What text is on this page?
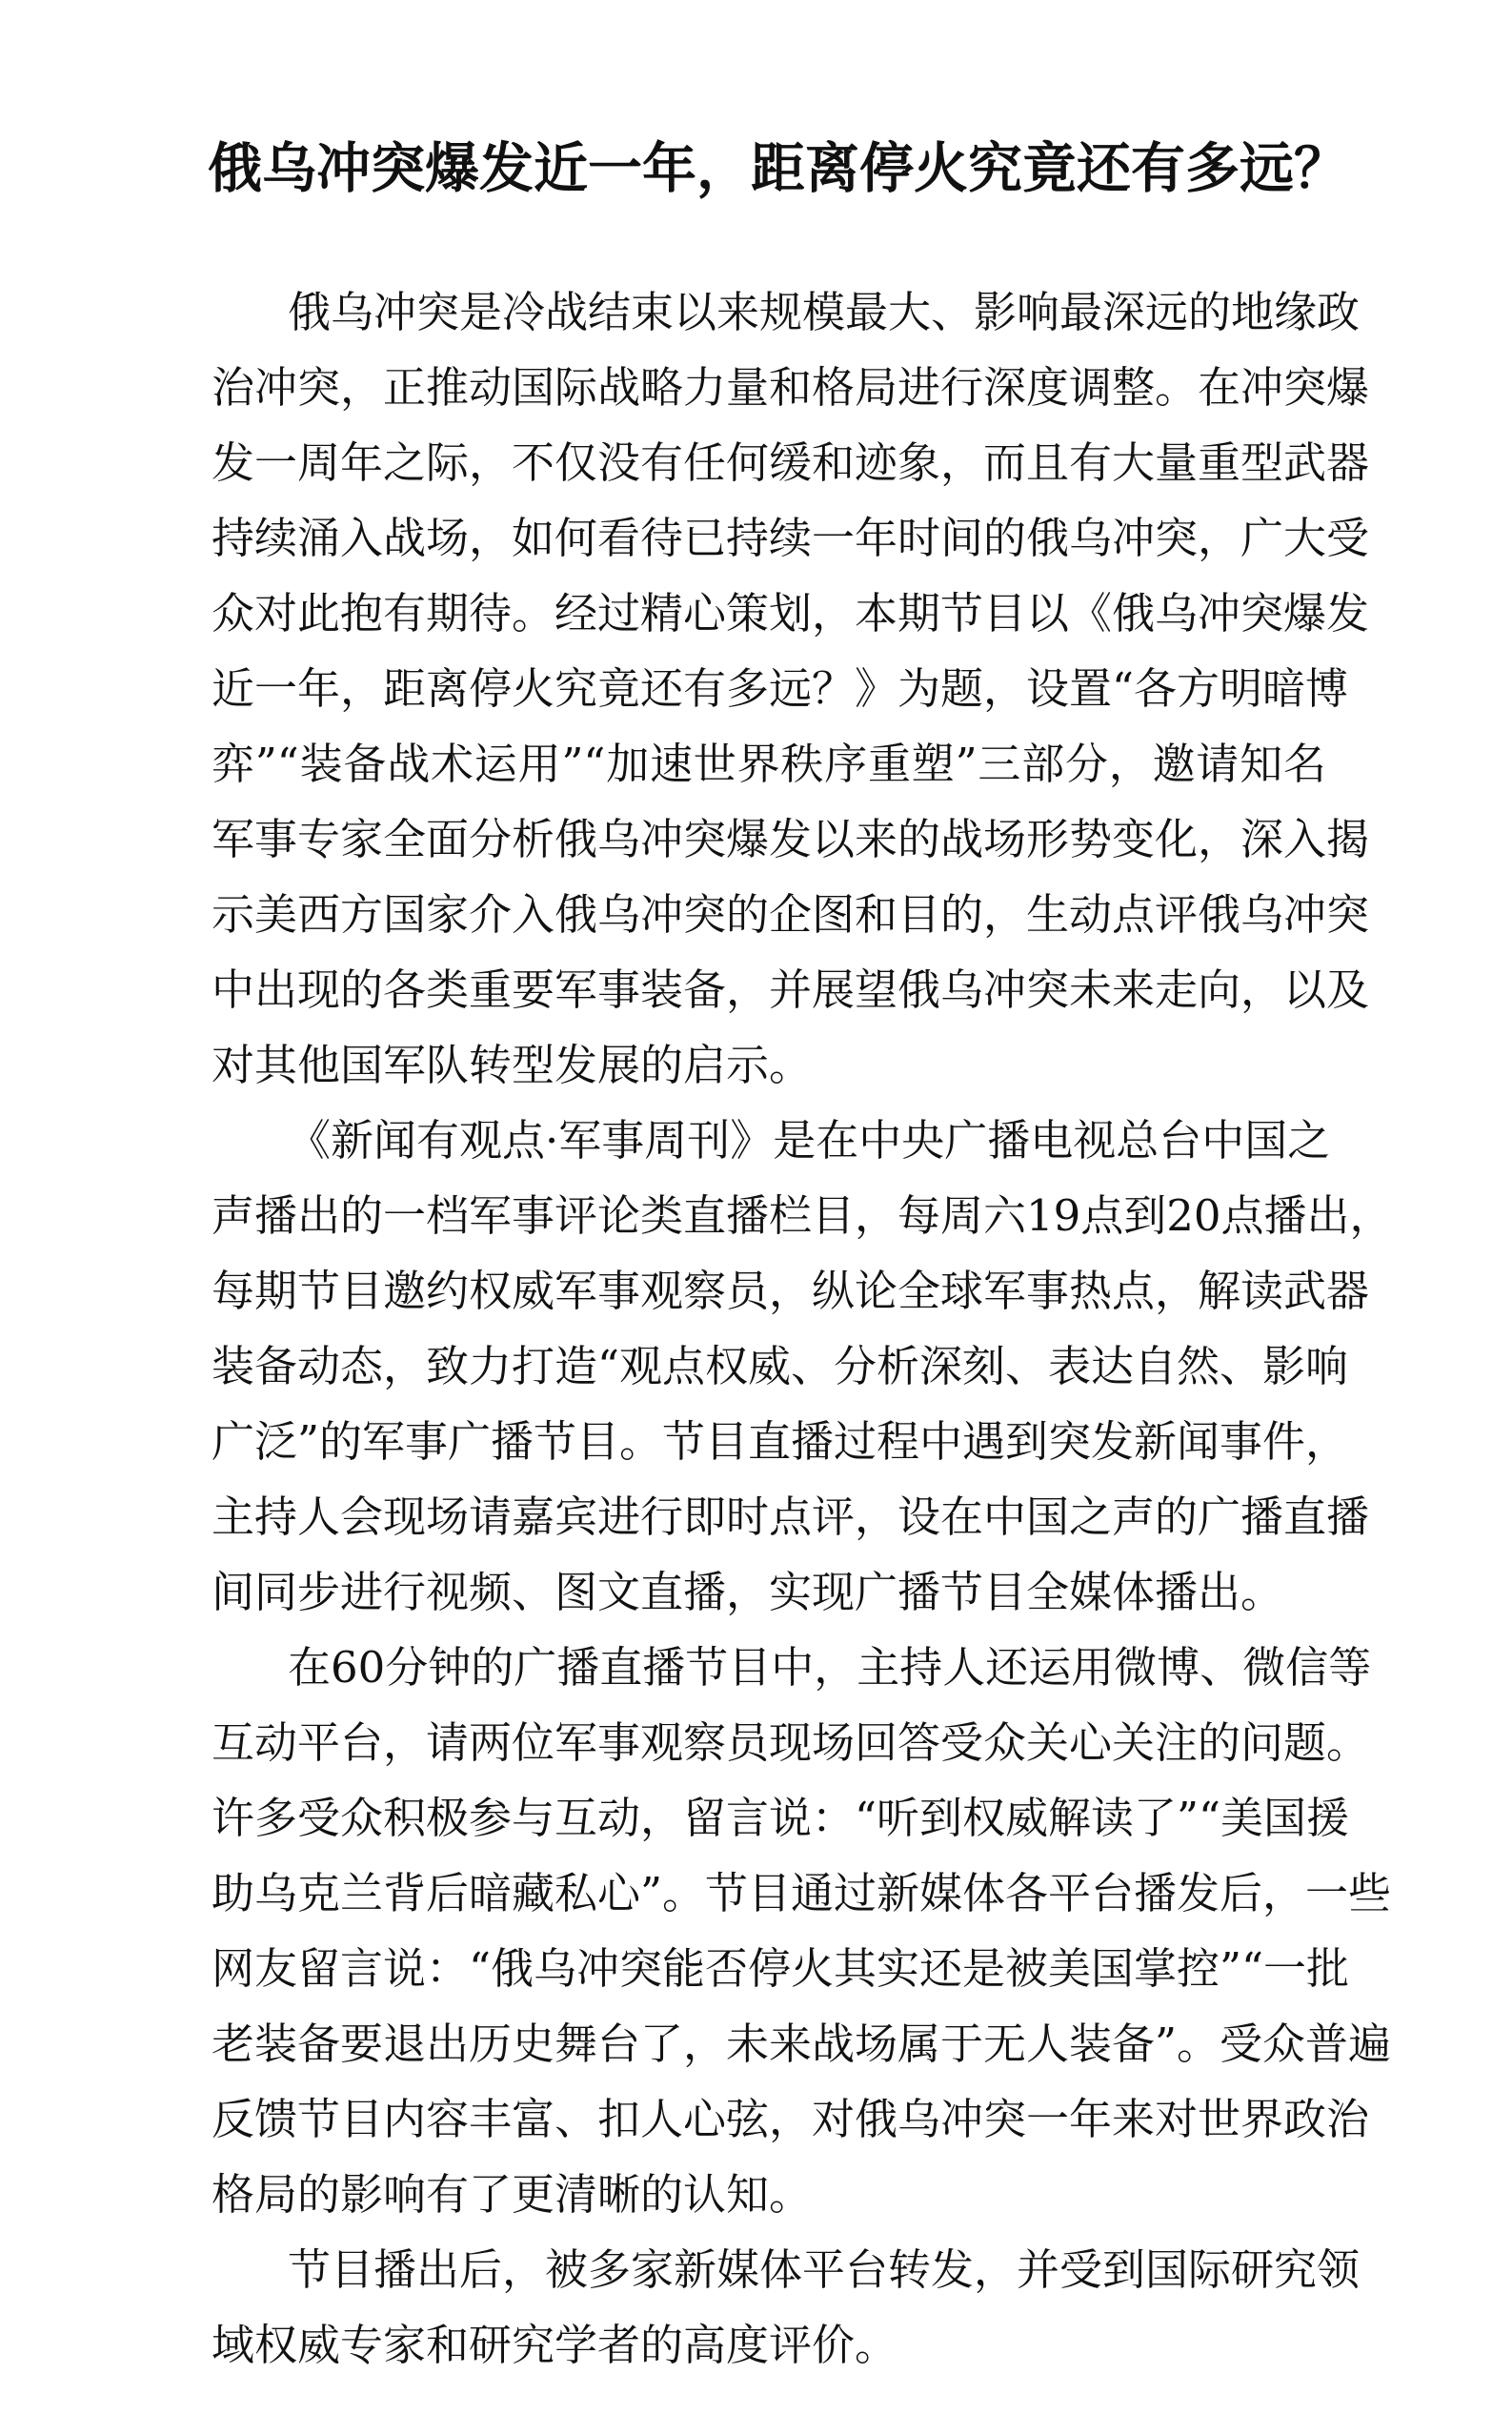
俄乌冲突爆发近一年，距离停火究竟还有多远？
俄乌冲突是冷战结束以来规模最大、影响最深远的地缘政
治冲突，正推动国际战略力量和格局进行深度调整。在冲突爆
发一周年之际，不仅没有任何缓和迹象，而且有大量重型武器
持续涌入战场，如何看待已持续一年时间的俄乌冲突，广大受
众对此抱有期待。经过精心策划，本期节目以《俄乌冲突爆发
近一年，距离停火究竟还有多远？》为题，设置“各方明暗博
弈”“装备战术运用”“加速世界秩序重塑”三部分，邀请知名
军事专家全面分析俄乌冲突爆发以来的战场形势变化，深入揭
示美西方国家介入俄乌冲突的企图和目的，生动点评俄乌冲突
中出现的各类重要军事装备，并展望俄乌冲突未来走向，以及
对其他国军队转型发展的启示。
《新闻有观点·军事周刊》是在中央广播电视总台中国之
声播出的一档军事评论类直播栏目，每周六19点到20点播出，
每期节目邀约权威军事观察员，纵论全球军事热点，解读武器
装备动态，致力打造“观点权威、分析深刻、表达自然、影响
广泛”的军事广播节目。节目直播过程中遇到突发新闻事件，
主持人会现场请嘉宾进行即时点评，设在中国之声的广播直播
间同步进行视频、图文直播，实现广播节目全媒体播出。
在60分钟的广播直播节目中，主持人还运用微博、微信等
互动平台，请两位军事观察员现场回答受众关心关注的问题。
许多受众积极参与互动，留言说：“听到权威解读了”“美国援
助乌克兰背后暗藏私心”。节目通过新媒体各平台播发后，一些
网友留言说：“俄乌冲突能否停火其实还是被美国掌控”“一批
老装备要退出历史舞台了，未来战场属于无人装备”。受众普遍
反馈节目内容丰富、扣人心弦，对俄乌冲突一年来对世界政治
格局的影响有了更清晰的认知。
节目播出后，被多家新媒体平台转发，并受到国际研究领
域权威专家和研究学者的高度评价。
